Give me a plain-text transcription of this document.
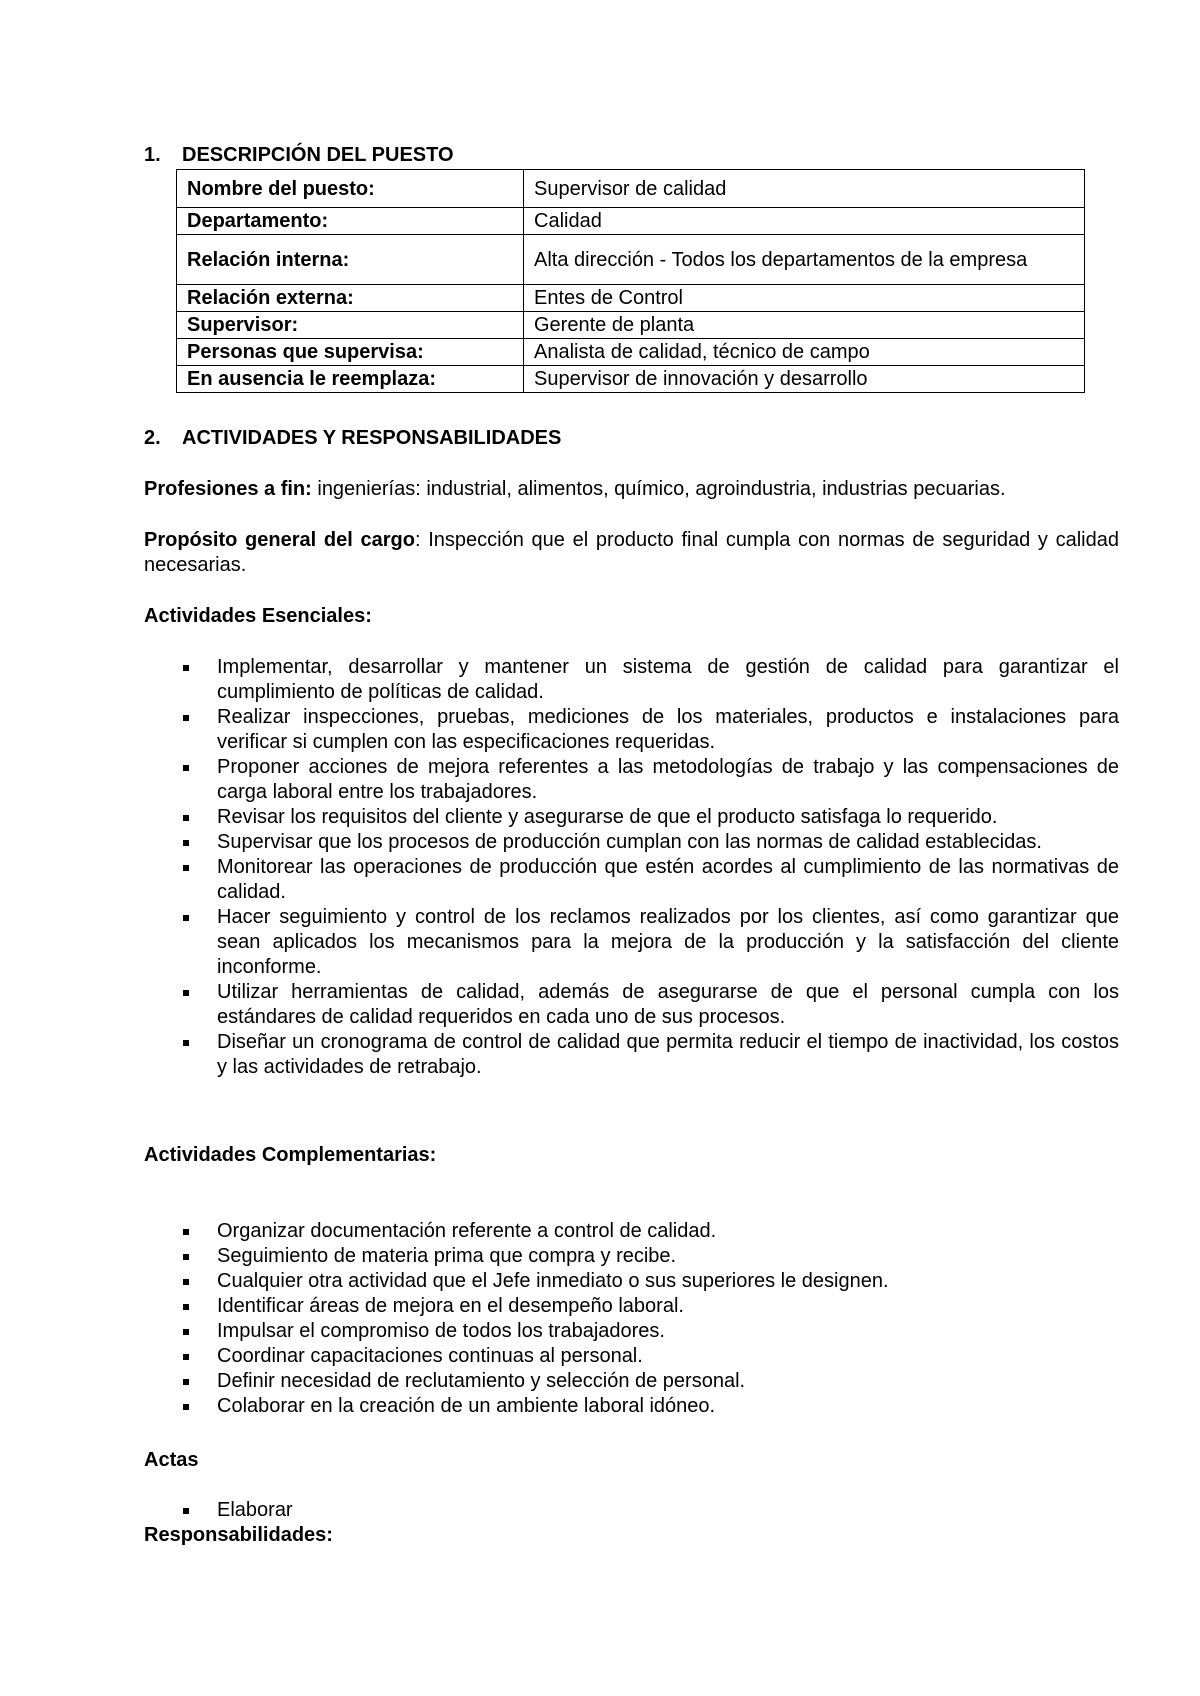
1. DESCRIPCIÓN DEL PUESTO
Nombre del puesto:	Supervisor de calidad
Departamento:	Calidad
Relación interna:	Alta dirección - Todos los departamentos de la empresa
Relación externa:	Entes de Control
Supervisor:	Gerente de planta
Personas que supervisa:	Analista de calidad, técnico de campo
En ausencia le reemplaza:	Supervisor de innovación y desarrollo
2. ACTIVIDADES Y RESPONSABILIDADES
Profesiones a fin: ingenierías: industrial, alimentos, químico, agroindustria, industrias pecuarias.
Propósito general del cargo: Inspección que el producto final cumpla con normas de seguridad y calidad necesarias.
Actividades Esenciales:
Implementar, desarrollar y mantener un sistema de gestión de calidad para garantizar el cumplimiento de políticas de calidad.
Realizar inspecciones, pruebas, mediciones de los materiales, productos e instalaciones para verificar si cumplen con las especificaciones requeridas.
Proponer acciones de mejora referentes a las metodologías de trabajo y las compensaciones de carga laboral entre los trabajadores.
Revisar los requisitos del cliente y asegurarse de que el producto satisfaga lo requerido.
Supervisar que los procesos de producción cumplan con las normas de calidad establecidas.
Monitorear las operaciones de producción que estén acordes al cumplimiento de las normativas de calidad.
Hacer seguimiento y control de los reclamos realizados por los clientes, así como garantizar que sean aplicados los mecanismos para la mejora de la producción y la satisfacción del cliente inconforme.
Utilizar herramientas de calidad, además de asegurarse de que el personal cumpla con los estándares de calidad requeridos en cada uno de sus procesos.
Diseñar un cronograma de control de calidad que permita reducir el tiempo de inactividad, los costos y las actividades de retrabajo.
Actividades Complementarias:
Organizar documentación referente a control de calidad.
Seguimiento de materia prima que compra y recibe.
Cualquier otra actividad que el Jefe inmediato o sus superiores le designen.
Identificar áreas de mejora en el desempeño laboral.
Impulsar el compromiso de todos los trabajadores.
Coordinar capacitaciones continuas al personal.
Definir necesidad de reclutamiento y selección de personal.
Colaborar en la creación de un ambiente laboral idóneo.
Actas
Elaborar
Responsabilidades:
